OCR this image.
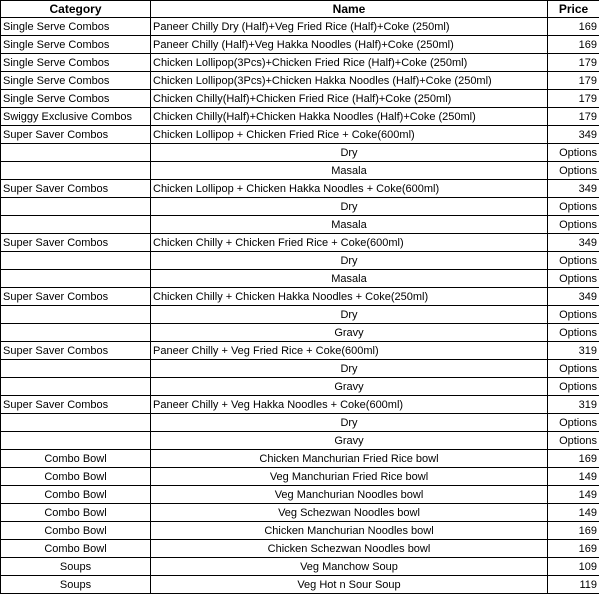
Category	Name	Price
Single Serve Combos	Paneer Chilly Dry (Half)+Veg Fried Rice (Half)+Coke (250ml)	169
Single Serve Combos	Paneer Chilly (Half)+Veg Hakka Noodles (Half)+Coke (250ml)	169
Single Serve Combos	Chicken Lollipop(3Pcs)+Chicken Fried Rice (Half)+Coke (250ml)	179
Single Serve Combos	Chicken Lollipop(3Pcs)+Chicken Hakka Noodles (Half)+Coke (250ml)	179
Single Serve Combos	Chicken Chilly(Half)+Chicken Fried Rice (Half)+Coke (250ml)	179
Swiggy Exclusive Combos	Chicken Chilly(Half)+Chicken Hakka Noodles (Half)+Coke (250ml)	179
Super Saver Combos	Chicken Lollipop + Chicken Fried Rice + Coke(600ml)	349
	Dry	Options
	Masala	Options
Super Saver Combos	Chicken Lollipop + Chicken Hakka Noodles + Coke(600ml)	349
	Dry	Options
	Masala	Options
Super Saver Combos	Chicken Chilly + Chicken Fried Rice + Coke(600ml)	349
	Dry	Options
	Masala	Options
Super Saver Combos	Chicken Chilly + Chicken Hakka Noodles + Coke(250ml)	349
	Dry	Options
	Gravy	Options
Super Saver Combos	Paneer Chilly + Veg Fried Rice + Coke(600ml)	319
	Dry	Options
	Gravy	Options
Super Saver Combos	Paneer Chilly + Veg Hakka Noodles + Coke(600ml)	319
	Dry	Options
	Gravy	Options
Combo Bowl	Chicken Manchurian Fried Rice bowl	169
Combo Bowl	Veg Manchurian Fried Rice bowl	149
Combo Bowl	Veg Manchurian Noodles bowl	149
Combo Bowl	Veg Schezwan Noodles bowl	149
Combo Bowl	Chicken Manchurian Noodles bowl	169
Combo Bowl	Chicken Schezwan Noodles bowl	169
Soups	Veg Manchow Soup	109
Soups	Veg Hot n Sour Soup	119
